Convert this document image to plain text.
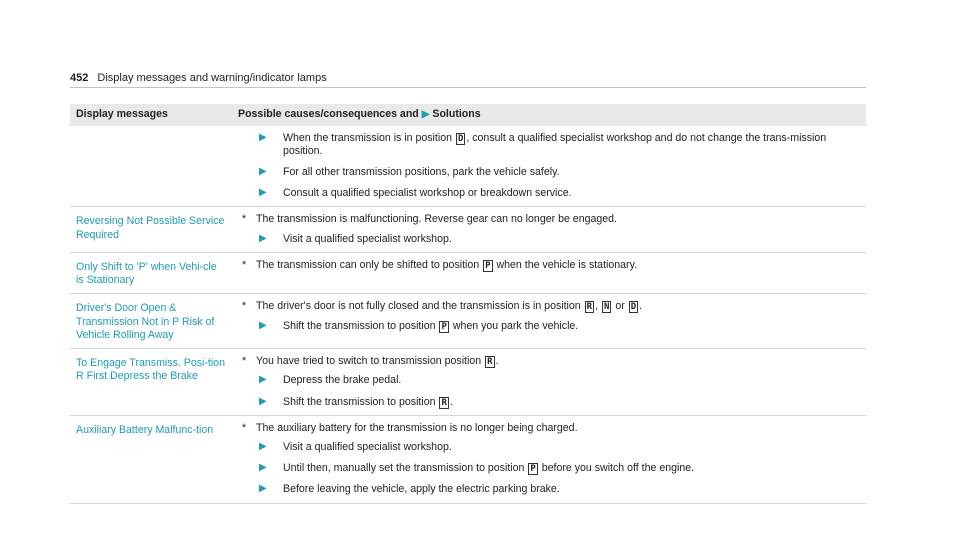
452 Display messages and warning/indicator lamps
Display messages	Possible causes/consequences and ▶ Solutions

▶
When the transmission is in position D , consult a qualified specialist workshop and do not change the trans-mission position.
▶
For all other transmission positions, park the vehicle safely.
▶
Consult a qualified specialist workshop or breakdown service.

Reversing Not Possible Service Required	* The transmission is malfunctioning. Reverse gear can no longer be engaged.
▶
Visit a qualified specialist workshop.

Only Shift to 'P' when Vehi-cle is Stationary	* The transmission can only be shifted to position P when the vehicle is stationary.

Driver's Door Open & Transmission Not in P Risk of Vehicle Rolling Away	* The driver's door is not fully closed and the transmission is in position R , N or D .
▶
Shift the transmission to position P when you park the vehicle.

To Engage Transmiss. Posi-tion R First Depress the Brake	* You have tried to switch to transmission position R .
▶
Depress the brake pedal.
▶
Shift the transmission to position R .

Auxiliary Battery Malfunc-tion	* The auxiliary battery for the transmission is no longer being charged.
▶
Visit a qualified specialist workshop.
▶
Until then, manually set the transmission to position P before you switch off the engine.
▶
Before leaving the vehicle, apply the electric parking brake.
